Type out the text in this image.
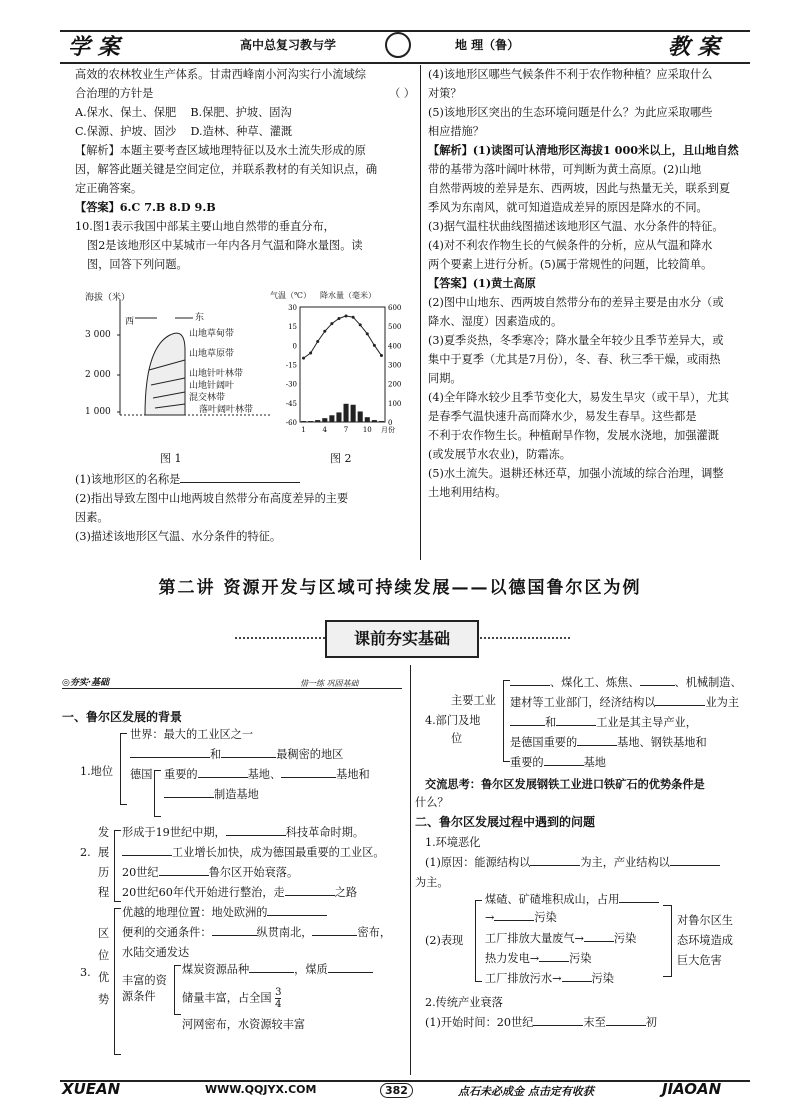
学 案	高中总复习教与学	地 理（鲁）	教 案

高效的农林牧业生产体系。甘肃西峰南小河沟实行小流域综

合治理的方针是	（ ）

A.保水、保土、保肥 B.保肥、护坡、固沟

C.保源、护坡、固沙 D.造林、种草、灌溉

【解析】本题主要考查区域地理特征以及水土流失形成的原

因，解答此题关键是空间定位，并联系教材的有关知识点，确

定正确答案。

【答案】6.C 7.B 8.D 9.B

10.图1表示我国中部某主要山地自然带的垂直分布，

图2是该地形区中某城市一年内各月气温和降水量图。读

图，回答下列问题。

海拔（米）
西	东
3 000
2 000
1 000
山地草甸带
山地草原带
山地针叶林带
山地针阔叶
混交林带
落叶阔叶林带
图 1
气温（℃） 降水量（毫米）
30	600
15	500
0	400
-15	300
-30	200
-45	100
-60	0
1 4 7 10 月份
图 2

(1)该地形区的名称是

(2)指出导致左图中山地两坡自然带分布高度差异的主要

因素。

(3)描述该地形区气温、水分条件的特征。

(4)该地形区哪些气候条件不利于农作物种植？应采取什么

对策？

(5)该地形区突出的生态环境问题是什么？为此应采取哪些

相应措施？

【解析】(1)读图可认清地形区海拔1 000米以上，且山地自然

带的基带为落叶阔叶林带，可判断为黄土高原。(2)山地

自然带两坡的差异是东、西两坡，因此与热量无关，联系到夏

季风为东南风，就可知道造成差异的原因是降水的不同。

(3)据气温柱状曲线图描述该地形区气温、水分条件的特征。

(4)对不利农作物生长的气候条件的分析，应从气温和降水

两个要素上进行分析。(5)属于常规性的问题，比较简单。

【答案】(1)黄土高原

(2)图中山地东、西两坡自然带分布的差异主要是由水分（或

降水、湿度）因素造成的。

(3)夏季炎热，冬季寒冷；降水量全年较少且季节差异大，或

集中于夏季（尤其是7月份），冬、春、秋三季干燥，或雨热

同期。

(4)全年降水较少且季节变化大，易发生旱灾（或干旱），尤其

是春季气温快速升高而降水少，易发生春旱。这些都是

不利于农作物生长。种植耐旱作物，发展水浇地，加强灌溉

(或发展节水农业)，防霜冻。

(5)水土流失。退耕还林还草，加强小流域的综合治理，调整

土地利用结构。

第二讲 资源开发与区域可持续发展——以德国鲁尔区为例
课前夯实基础
◎夯实·基础	惜一练 巩固基础
一、鲁尔区发展的背景
1.地位
世界：最大的工业区之一
和	最稠密的地区
德国 重要的	基地、	基地和
制造基地
2.
发
展
历
程
形成于19世纪中期，	科技革命时期。
工业增长加快，成为德国最重要的工业区。
20世纪	鲁尔区开始衰落。
20世纪60年代开始进行整治，走	之路
3.
区
位
优
势
优越的地理位置：地处欧洲的
便利的交通条件：	纵贯南北，	密布，
水陆交通发达
丰富的资
源条件
煤炭资源品种	，煤质
储量丰富，占全国 $\frac{3}{4}$
河网密布，水资源较丰富
主要工业
4.部门及地
位
、煤化工、炼焦、	、机械制造、
建材等工业部门，经济结构以	业为主
和	工业是其主导产业，
是德国重要的	基地、钢铁基地和
重要的	基地
交流思考：鲁尔区发展钢铁工业进口铁矿石的优势条件是
什么？
二、鲁尔区发展过程中遇到的问题
1.环境恶化
(1)原因：能源结构以	为主，产业结构以
为主。
(2)表现
煤碴、矿碴堆积成山，占用
→	污染
工厂排放大量废气→	污染
热力发电→	污染
工厂排放污水→	污染
对鲁尔区生
态环境造成
巨大危害
2.传统产业衰落
(1)开始时间：20世纪	末至	初
XUEAN	WWW.QQJYX.COM	382	点石未必成金 点击定有收获	JIAOAN
